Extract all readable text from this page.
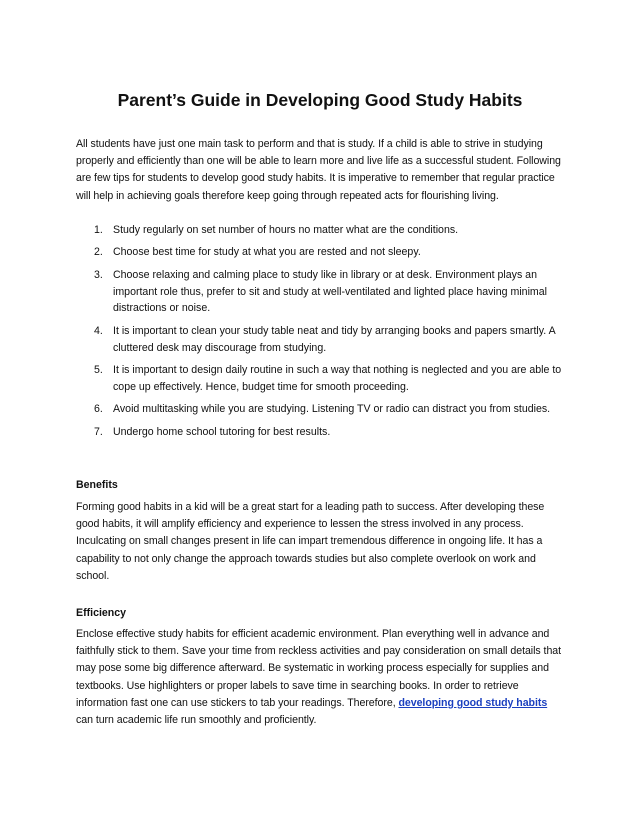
Parent’s Guide in Developing Good Study Habits

All students have just one main task to perform and that is study. If a child is able to strive in studying properly and efficiently than one will be able to learn more and live life as a successful student. Following are few tips for students to develop good study habits. It is imperative to remember that regular practice will help in achieving goals therefore keep going through repeated acts for flourishing living.

1. Study regularly on set number of hours no matter what are the conditions.
2. Choose best time for study at what you are rested and not sleepy.
3. Choose relaxing and calming place to study like in library or at desk. Environment plays an important role thus, prefer to sit and study at well-ventilated and lighted place having minimal distractions or noise.
4. It is important to clean your study table neat and tidy by arranging books and papers smartly. A cluttered desk may discourage from studying.
5. It is important to design daily routine in such a way that nothing is neglected and you are able to cope up effectively. Hence, budget time for smooth proceeding.
6. Avoid multitasking while you are studying. Listening TV or radio can distract you from studies.
7. Undergo home school tutoring for best results.
Benefits

Forming good habits in a kid will be a great start for a leading path to success. After developing these good habits, it will amplify efficiency and experience to lessen the stress involved in any process. Inculcating on small changes present in life can impart tremendous difference in ongoing life. It has a capability to not only change the approach towards studies but also complete overlook on work and school.

Efficiency

Enclose effective study habits for efficient academic environment. Plan everything well in advance and faithfully stick to them. Save your time from reckless activities and pay consideration on small details that may pose some big difference afterward. Be systematic in working process especially for supplies and textbooks. Use highlighters or proper labels to save time in searching books. In order to retrieve information fast one can use stickers to tab your readings. Therefore, developing good study habits can turn academic life run smoothly and proficiently.
